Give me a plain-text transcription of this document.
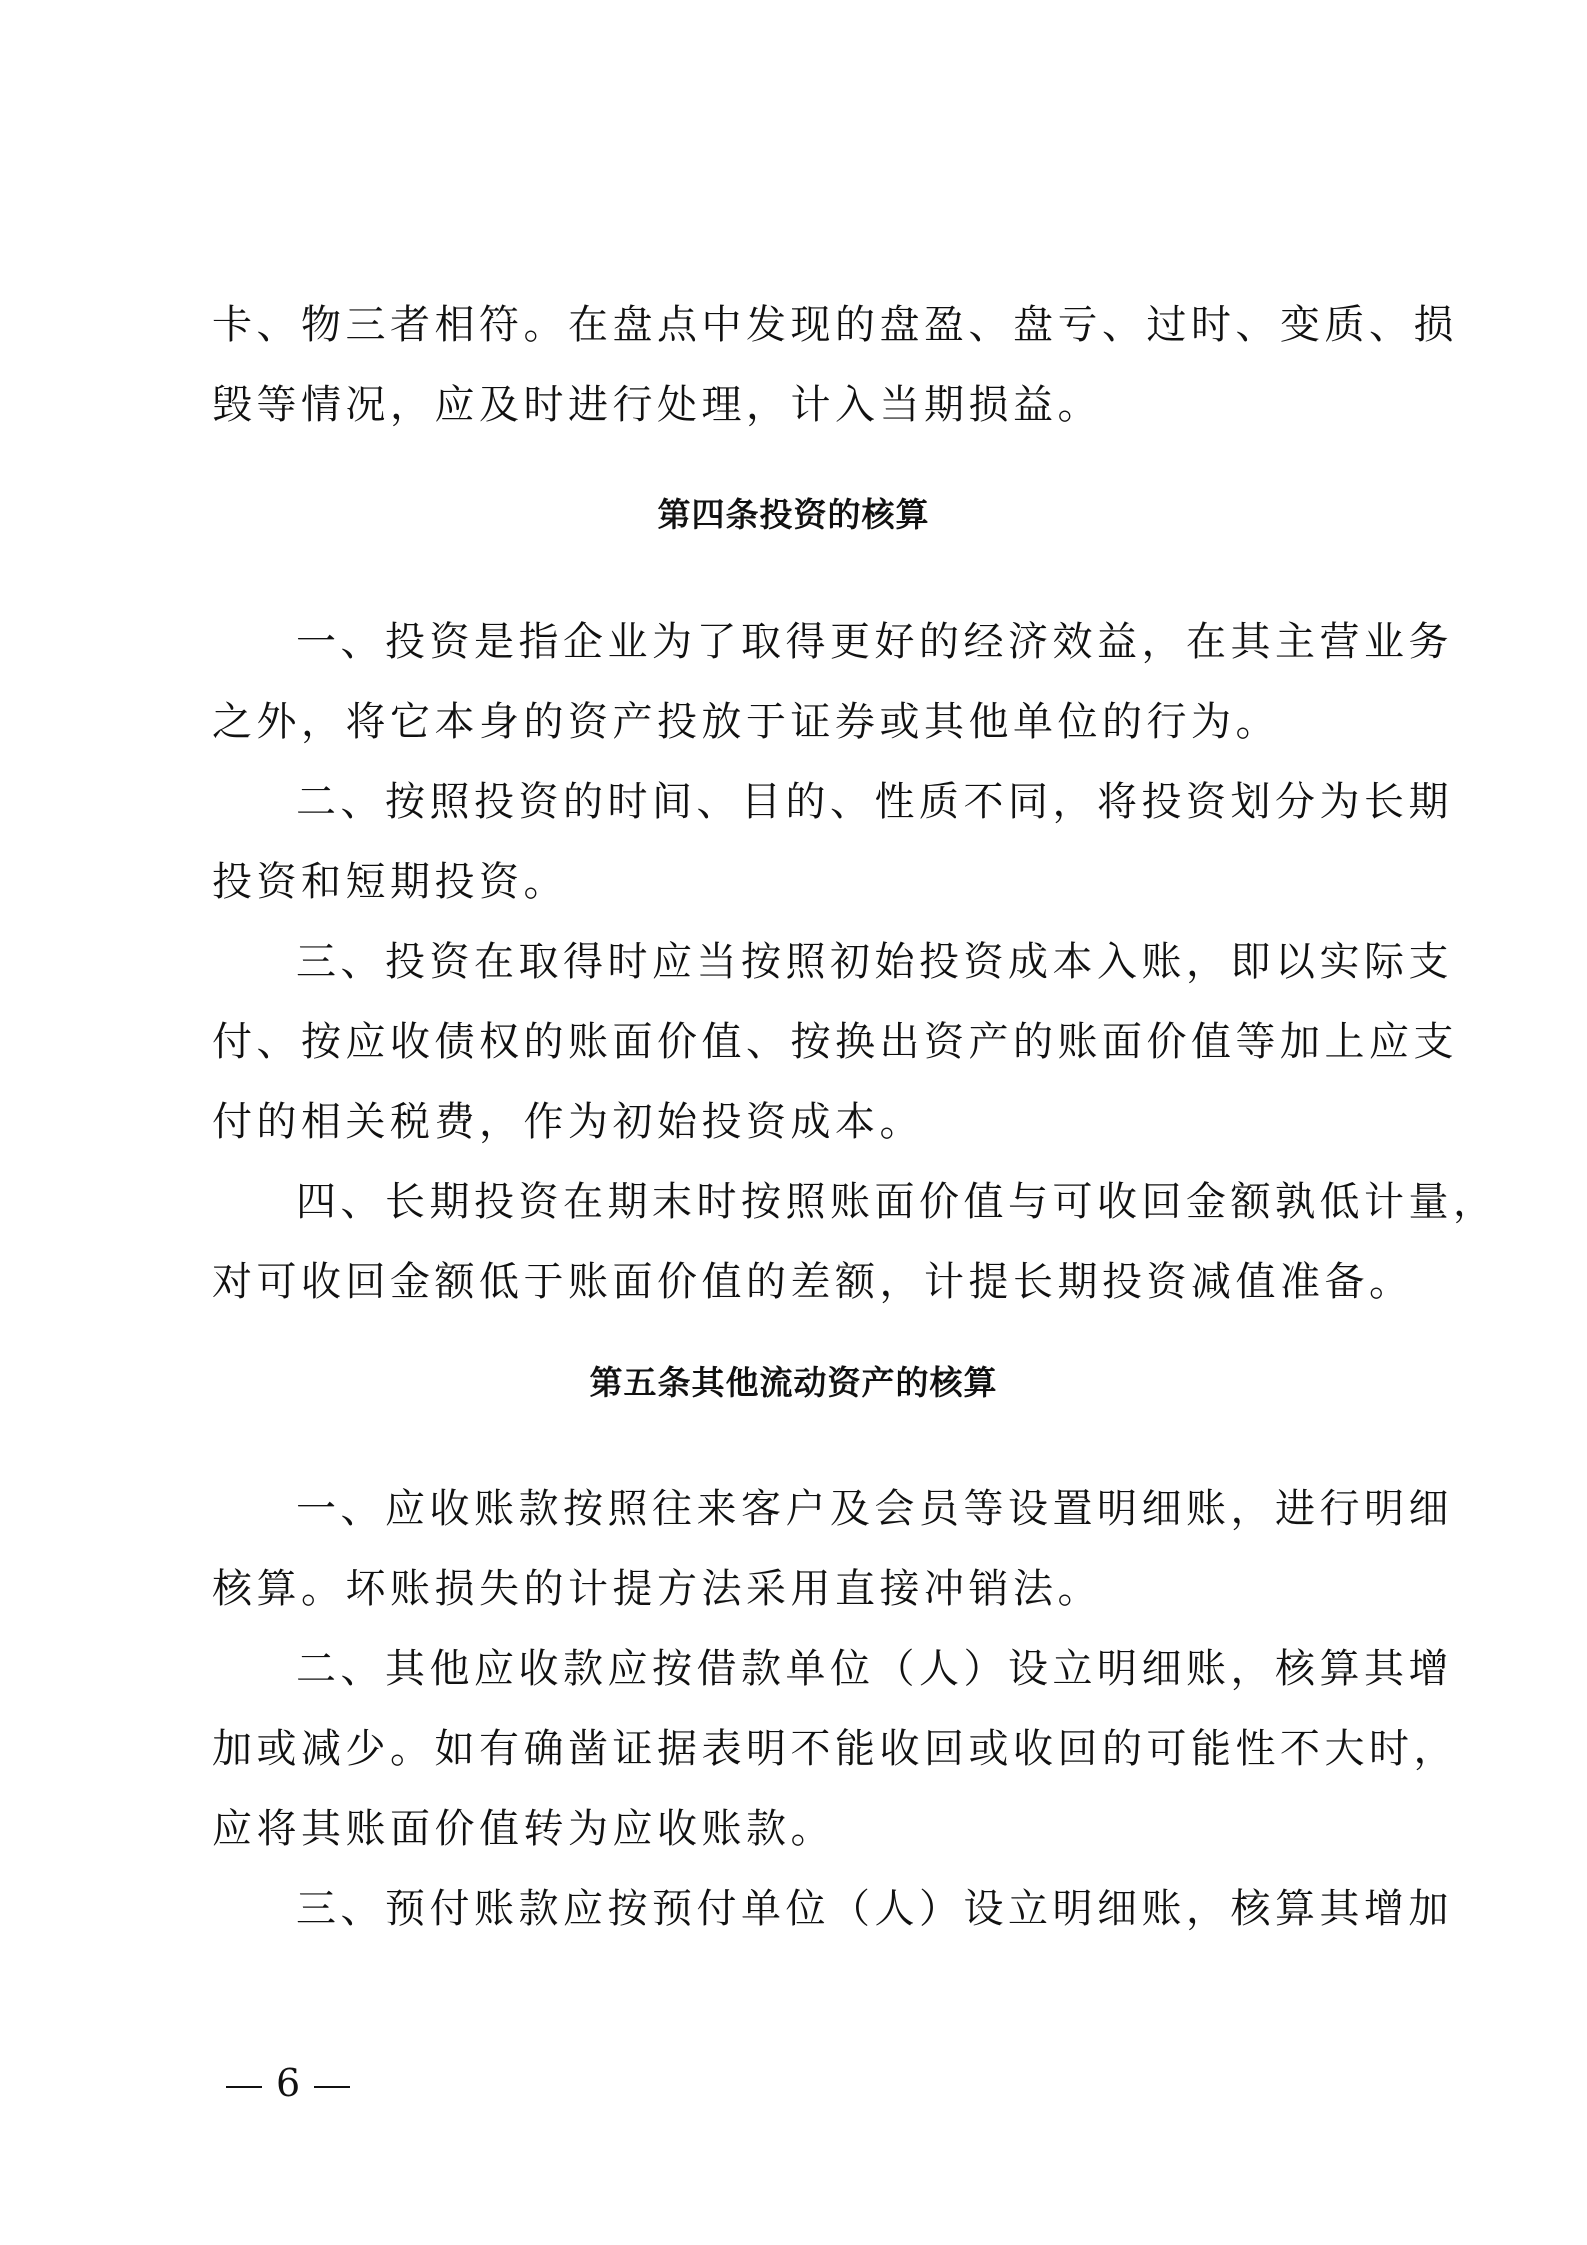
卡、物三者相符。在盘点中发现的盘盈、盘亏、过时、变质、损
毁等情况，应及时进行处理，计入当期损益。
第四条投资的核算
一、投资是指企业为了取得更好的经济效益，在其主营业务
之外，将它本身的资产投放于证券或其他单位的行为。
二、按照投资的时间、目的、性质不同，将投资划分为长期
投资和短期投资。
三、投资在取得时应当按照初始投资成本入账，即以实际支
付、按应收债权的账面价值、按换出资产的账面价值等加上应支
付的相关税费，作为初始投资成本。
四、长期投资在期末时按照账面价值与可收回金额孰低计量，
对可收回金额低于账面价值的差额，计提长期投资减值准备。
第五条其他流动资产的核算
一、应收账款按照往来客户及会员等设置明细账，进行明细
核算。坏账损失的计提方法采用直接冲销法。
二、其他应收款应按借款单位（人）设立明细账，核算其增
加或减少。如有确凿证据表明不能收回或收回的可能性不大时，
应将其账面价值转为应收账款。
三、预付账款应按预付单位（人）设立明细账，核算其增加
6
